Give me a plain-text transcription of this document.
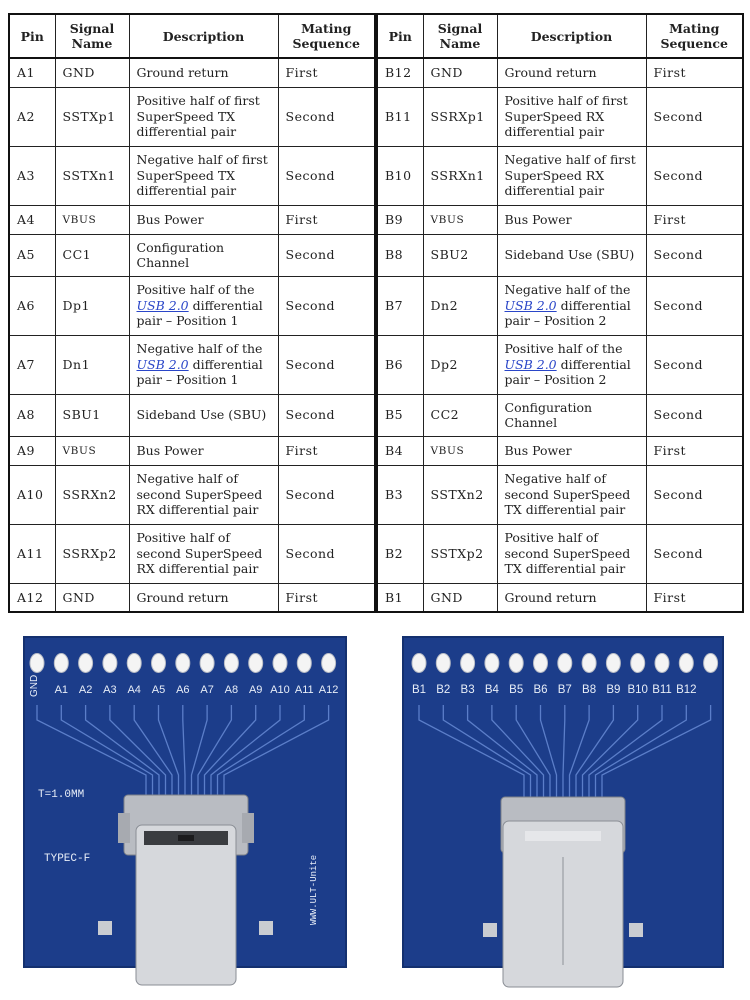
Pin	Signal Name	Description	Mating Sequence
A1	GND	Ground return	First
A2	SSTXp1	Positive half of first SuperSpeed TX differential pair	Second
A3	SSTXn1	Negative half of first SuperSpeed TX differential pair	Second
A4	VBUS	Bus Power	First
A5	CC1	Configuration Channel	Second
A6	Dp1	Positive half of the USB 2.0 differential pair – Position 1	Second
A7	Dn1	Negative half of the USB 2.0 differential pair – Position 1	Second
A8	SBU1	Sideband Use (SBU)	Second
A9	VBUS	Bus Power	First
A10	SSRXn2	Negative half of second SuperSpeed RX differential pair	Second
A11	SSRXp2	Positive half of second SuperSpeed RX differential pair	Second
A12	GND	Ground return	First
Pin	Signal Name	Description	Mating Sequence
B12	GND	Ground return	First
B11	SSRXp1	Positive half of first SuperSpeed RX differential pair	Second
B10	SSRXn1	Negative half of first SuperSpeed RX differential pair	Second
B9	VBUS	Bus Power	First
B8	SBU2	Sideband Use (SBU)	Second
B7	Dn2	Negative half of the USB 2.0 differential pair – Position 2	Second
B6	Dp2	Positive half of the USB 2.0 differential pair – Position 2	Second
B5	CC2	Configuration Channel	Second
B4	VBUS	Bus Power	First
B3	SSTXn2	Negative half of second SuperSpeed TX differential pair	Second
B2	SSTXp2	Positive half of second SuperSpeed TX differential pair	Second
B1	GND	Ground return	First
A1 A2 A3 A4 A5 A6 A7 A8 A9 A10 A11 A12
GND
T=1.0MM
TYPEC-F	WWW.ULT-Unite
B1 B2 B3 B4 B5 B6 B7 B8 B9 B10 B11 B12
